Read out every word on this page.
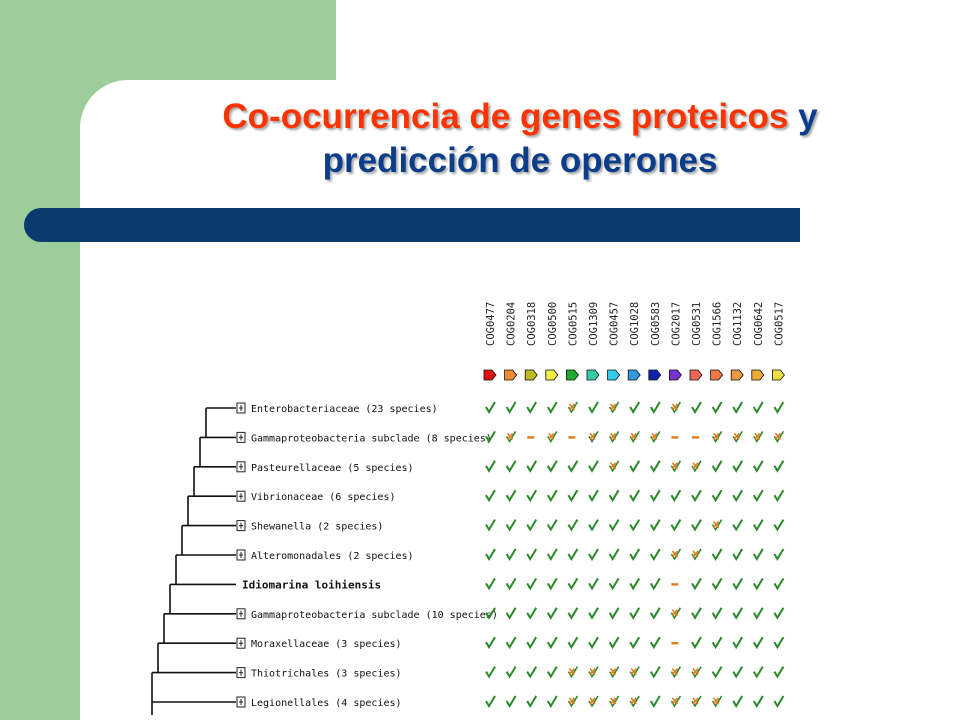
Co-ocurrencia de genes proteicos y
predicción de operones
COG0477 COG0204 COG0318 COG0500 COG0515 COG1309 COG0457 COG1028 COG0583 COG2017 COG0531 COG1566 COG1132 COG0642 COG0517
Enterobacteriaceae (23 species)
Gammaproteobacteria subclade (8 species)
Pasteurellaceae (5 species)
Vibrionaceae (6 species)
Shewanella (2 species)
Alteromonadales (2 species)
Idiomarina loihiensis
Gammaproteobacteria subclade (10 species)
Moraxellaceae (3 species)
Thiotrichales (3 species)
Legionellales (4 species)
